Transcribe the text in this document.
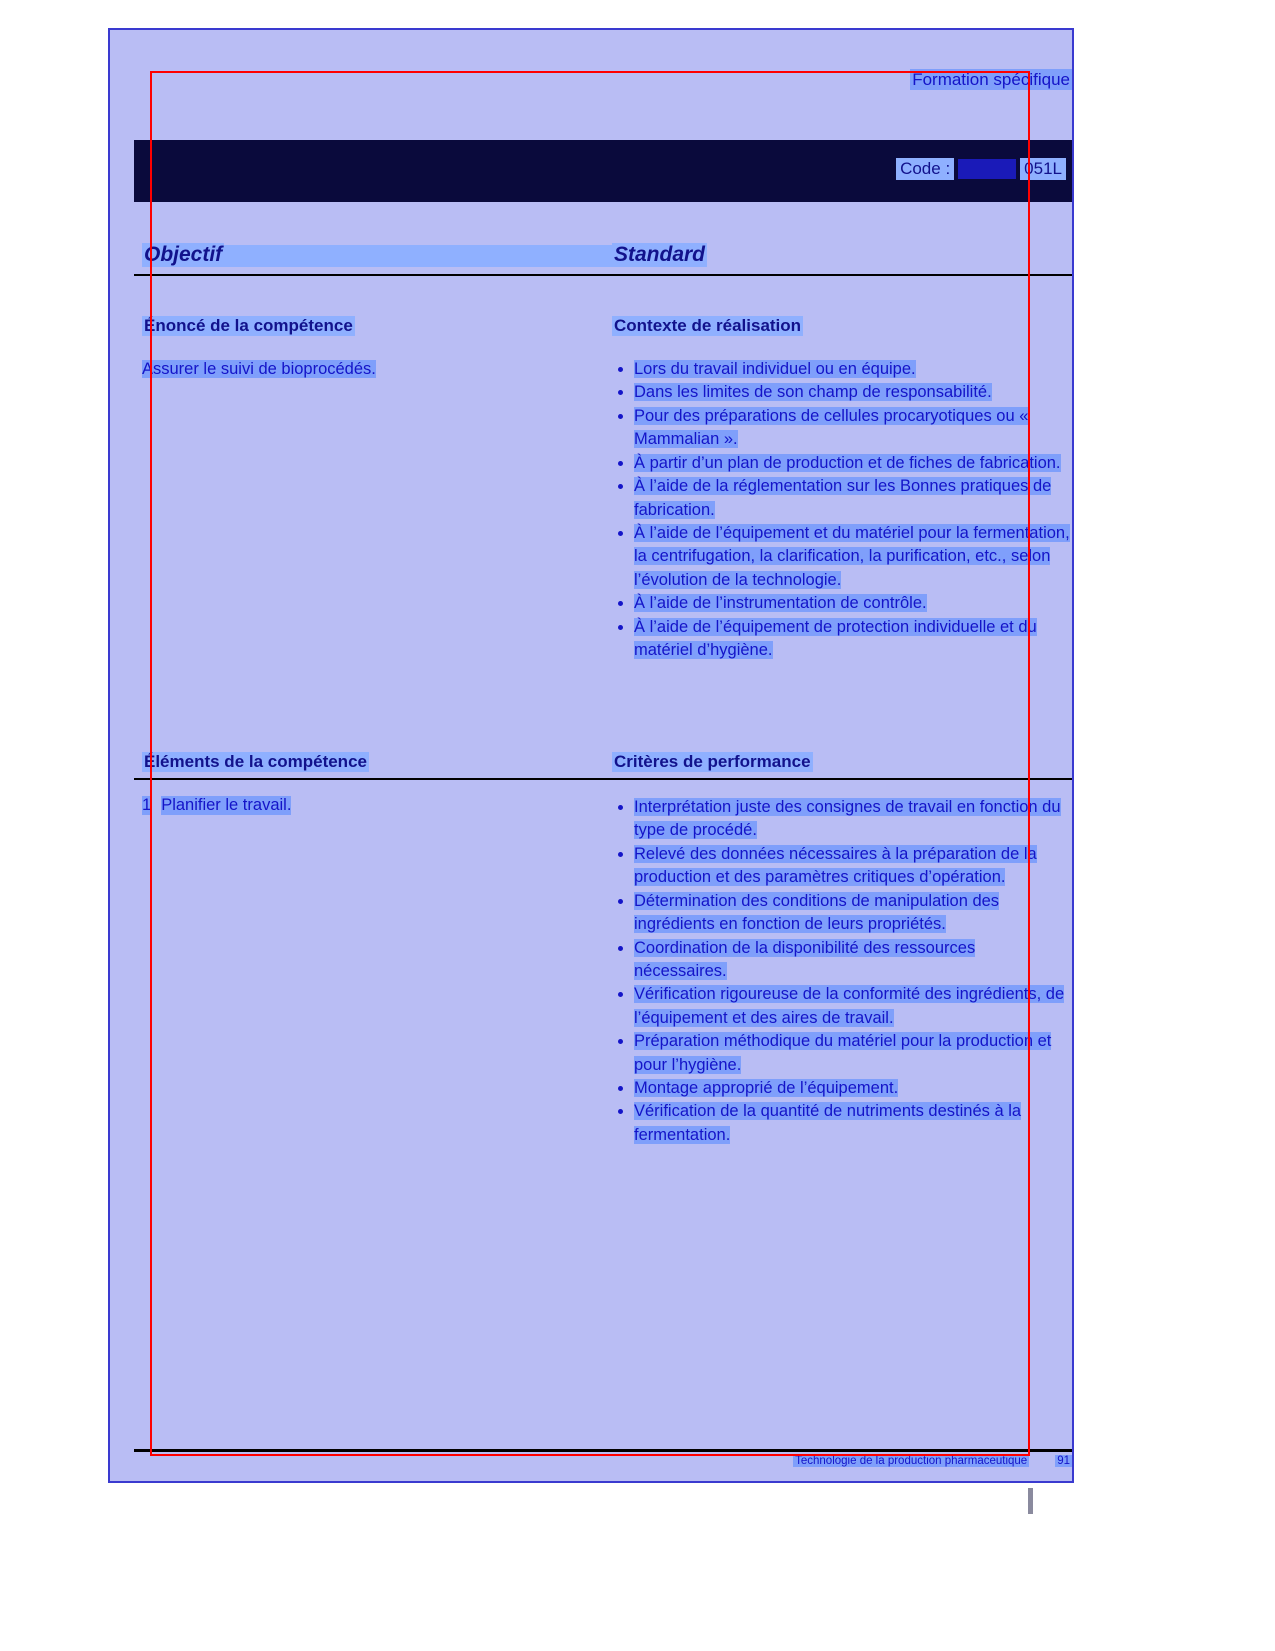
Formation spécifique
Code :	051L
Objectif	Standard
Énoncé de la compétence	Contexte de réalisation
Assurer le suivi de bioprocédés.	Lors du travail individuel ou en équipe.
Dans les limites de son champ de responsabilité.
Pour des préparations de cellules procaryotiques ou « Mammalian ».
À partir d’un plan de production et de fiches de fabrication.
À l’aide de la réglementation sur les Bonnes pratiques de fabrication.
À l’aide de l’équipement et du matériel pour la fermentation, la centrifugation, la clarification, la purification, etc., selon l’évolution de la technologie.
À l’aide de l’instrumentation de contrôle.
À l’aide de l’équipement de protection individuelle et du matériel d’hygiène.
Éléments de la compétence	Critères de performance
1 Planifier le travail.	Interprétation juste des consignes de travail en fonction du type de procédé.
Relevé des données nécessaires à la préparation de la production et des paramètres critiques d’opération.
Détermination des conditions de manipulation des ingrédients en fonction de leurs propriétés.
Coordination de la disponibilité des ressources nécessaires.
Vérification rigoureuse de la conformité des ingrédients, de l’équipement et des aires de travail.
Préparation méthodique du matériel pour la production et pour l’hygiène.
Montage approprié de l’équipement.
Vérification de la quantité de nutriments destinés à la fermentation.
Technologie de la production pharmaceutique	91
